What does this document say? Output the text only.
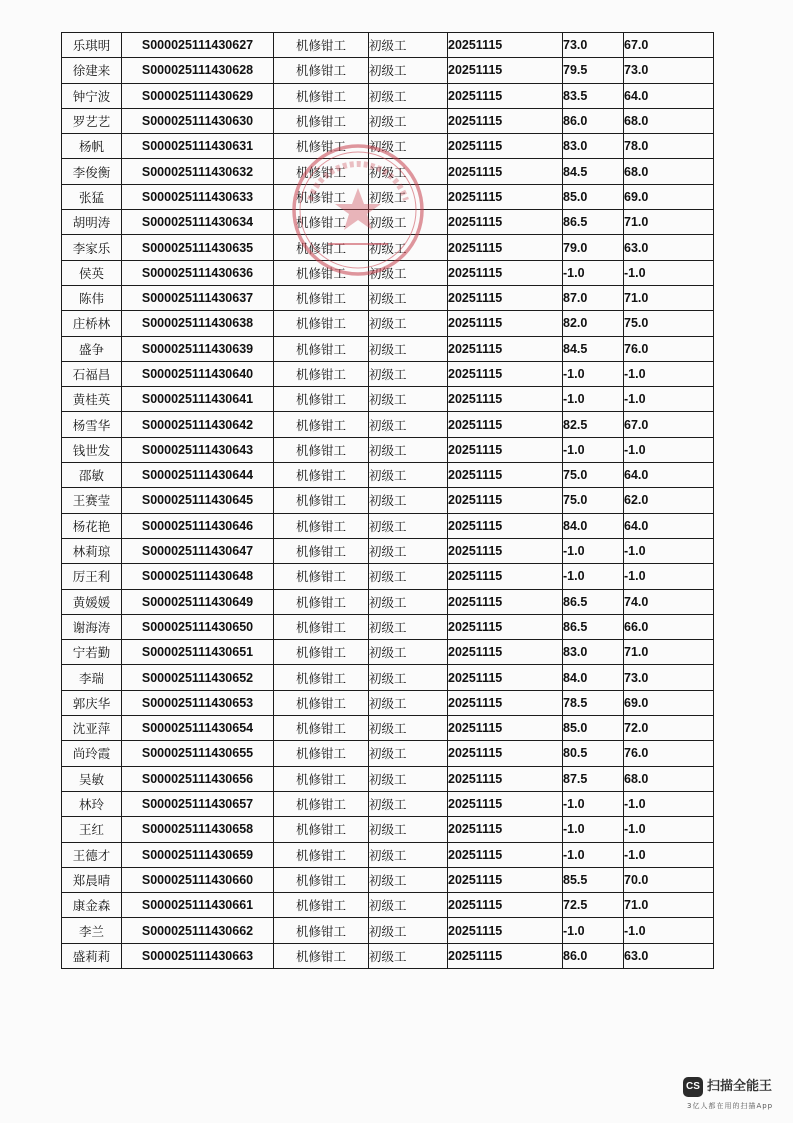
乐琪明	S000025111430627	机修钳工	初级工	20251115	73.0	67.0
徐建来	S000025111430628	机修钳工	初级工	20251115	79.5	73.0
钟宁波	S000025111430629	机修钳工	初级工	20251115	83.5	64.0
罗艺艺	S000025111430630	机修钳工	初级工	20251115	86.0	68.0
杨帆	S000025111430631	机修钳工	初级工	20251115	83.0	78.0
李俊衡	S000025111430632	机修钳工	初级工	20251115	84.5	68.0
张猛	S000025111430633	机修钳工	初级工	20251115	85.0	69.0
胡明涛	S000025111430634	机修钳工	初级工	20251115	86.5	71.0
李家乐	S000025111430635	机修钳工	初级工	20251115	79.0	63.0
侯英	S000025111430636	机修钳工	初级工	20251115	-1.0	-1.0
陈伟	S000025111430637	机修钳工	初级工	20251115	87.0	71.0
庄桥林	S000025111430638	机修钳工	初级工	20251115	82.0	75.0
盛争	S000025111430639	机修钳工	初级工	20251115	84.5	76.0
石福昌	S000025111430640	机修钳工	初级工	20251115	-1.0	-1.0
黄桂英	S000025111430641	机修钳工	初级工	20251115	-1.0	-1.0
杨雪华	S000025111430642	机修钳工	初级工	20251115	82.5	67.0
钱世发	S000025111430643	机修钳工	初级工	20251115	-1.0	-1.0
邵敏	S000025111430644	机修钳工	初级工	20251115	75.0	64.0
王赛莹	S000025111430645	机修钳工	初级工	20251115	75.0	62.0
杨花艳	S000025111430646	机修钳工	初级工	20251115	84.0	64.0
林莉琼	S000025111430647	机修钳工	初级工	20251115	-1.0	-1.0
厉王利	S000025111430648	机修钳工	初级工	20251115	-1.0	-1.0
黄媛媛	S000025111430649	机修钳工	初级工	20251115	86.5	74.0
谢海涛	S000025111430650	机修钳工	初级工	20251115	86.5	66.0
宁若勤	S000025111430651	机修钳工	初级工	20251115	83.0	71.0
李瑞	S000025111430652	机修钳工	初级工	20251115	84.0	73.0
郭庆华	S000025111430653	机修钳工	初级工	20251115	78.5	69.0
沈亚萍	S000025111430654	机修钳工	初级工	20251115	85.0	72.0
尚玲霞	S000025111430655	机修钳工	初级工	20251115	80.5	76.0
吴敏	S000025111430656	机修钳工	初级工	20251115	87.5	68.0
林玲	S000025111430657	机修钳工	初级工	20251115	-1.0	-1.0
王红	S000025111430658	机修钳工	初级工	20251115	-1.0	-1.0
王德才	S000025111430659	机修钳工	初级工	20251115	-1.0	-1.0
郑晨晴	S000025111430660	机修钳工	初级工	20251115	85.5	70.0
康金森	S000025111430661	机修钳工	初级工	20251115	72.5	71.0
李兰	S000025111430662	机修钳工	初级工	20251115	-1.0	-1.0
盛莉莉	S000025111430663	机修钳工	初级工	20251115	86.0	63.0
CS 扫描全能王
3亿人都在用的扫描App
